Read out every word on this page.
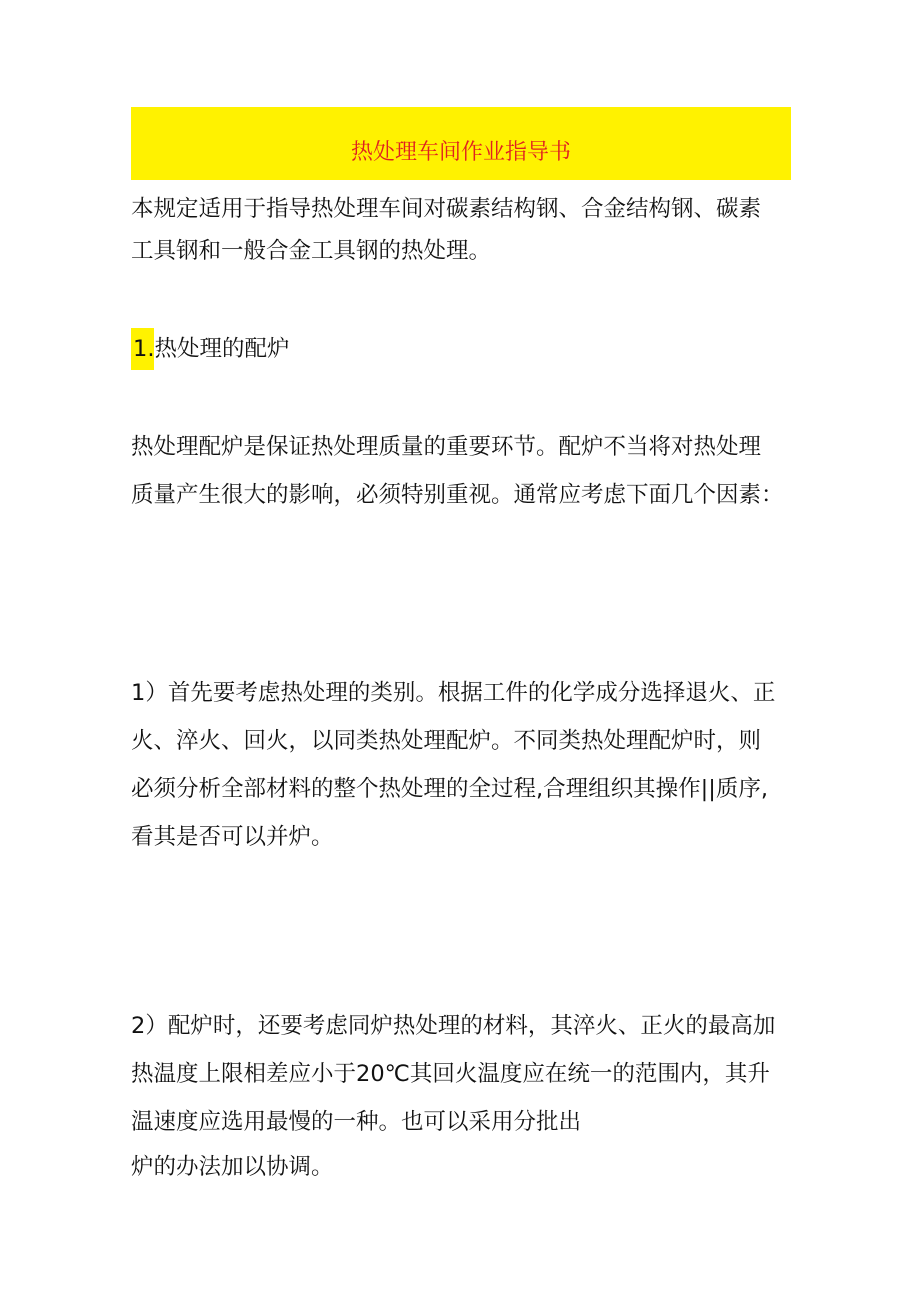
热处理车间作业指导书
本规定适用于指导热处理车间对碳素结构钢、合金结构钢、碳素
工具钢和一般合金工具钢的热处理。
1.热处理的配炉
热处理配炉是保证热处理质量的重要环节。配炉不当将对热处理
质量产生很大的影响，必须特别重视。通常应考虑下面几个因素：
1）首先要考虑热处理的类别。根据工件的化学成分选择退火、正
火、淬火、回火，以同类热处理配炉。不同类热处理配炉时，则
必须分析全部材料的整个热处理的全过程,合理组织其操作||质序,
看其是否可以并炉。
2）配炉时，还要考虑同炉热处理的材料，其淬火、正火的最高加
热温度上限相差应小于20℃其回火温度应在统一的范围内，其升
温速度应选用最慢的一种。也可以采用分批出
炉的办法加以协调。
